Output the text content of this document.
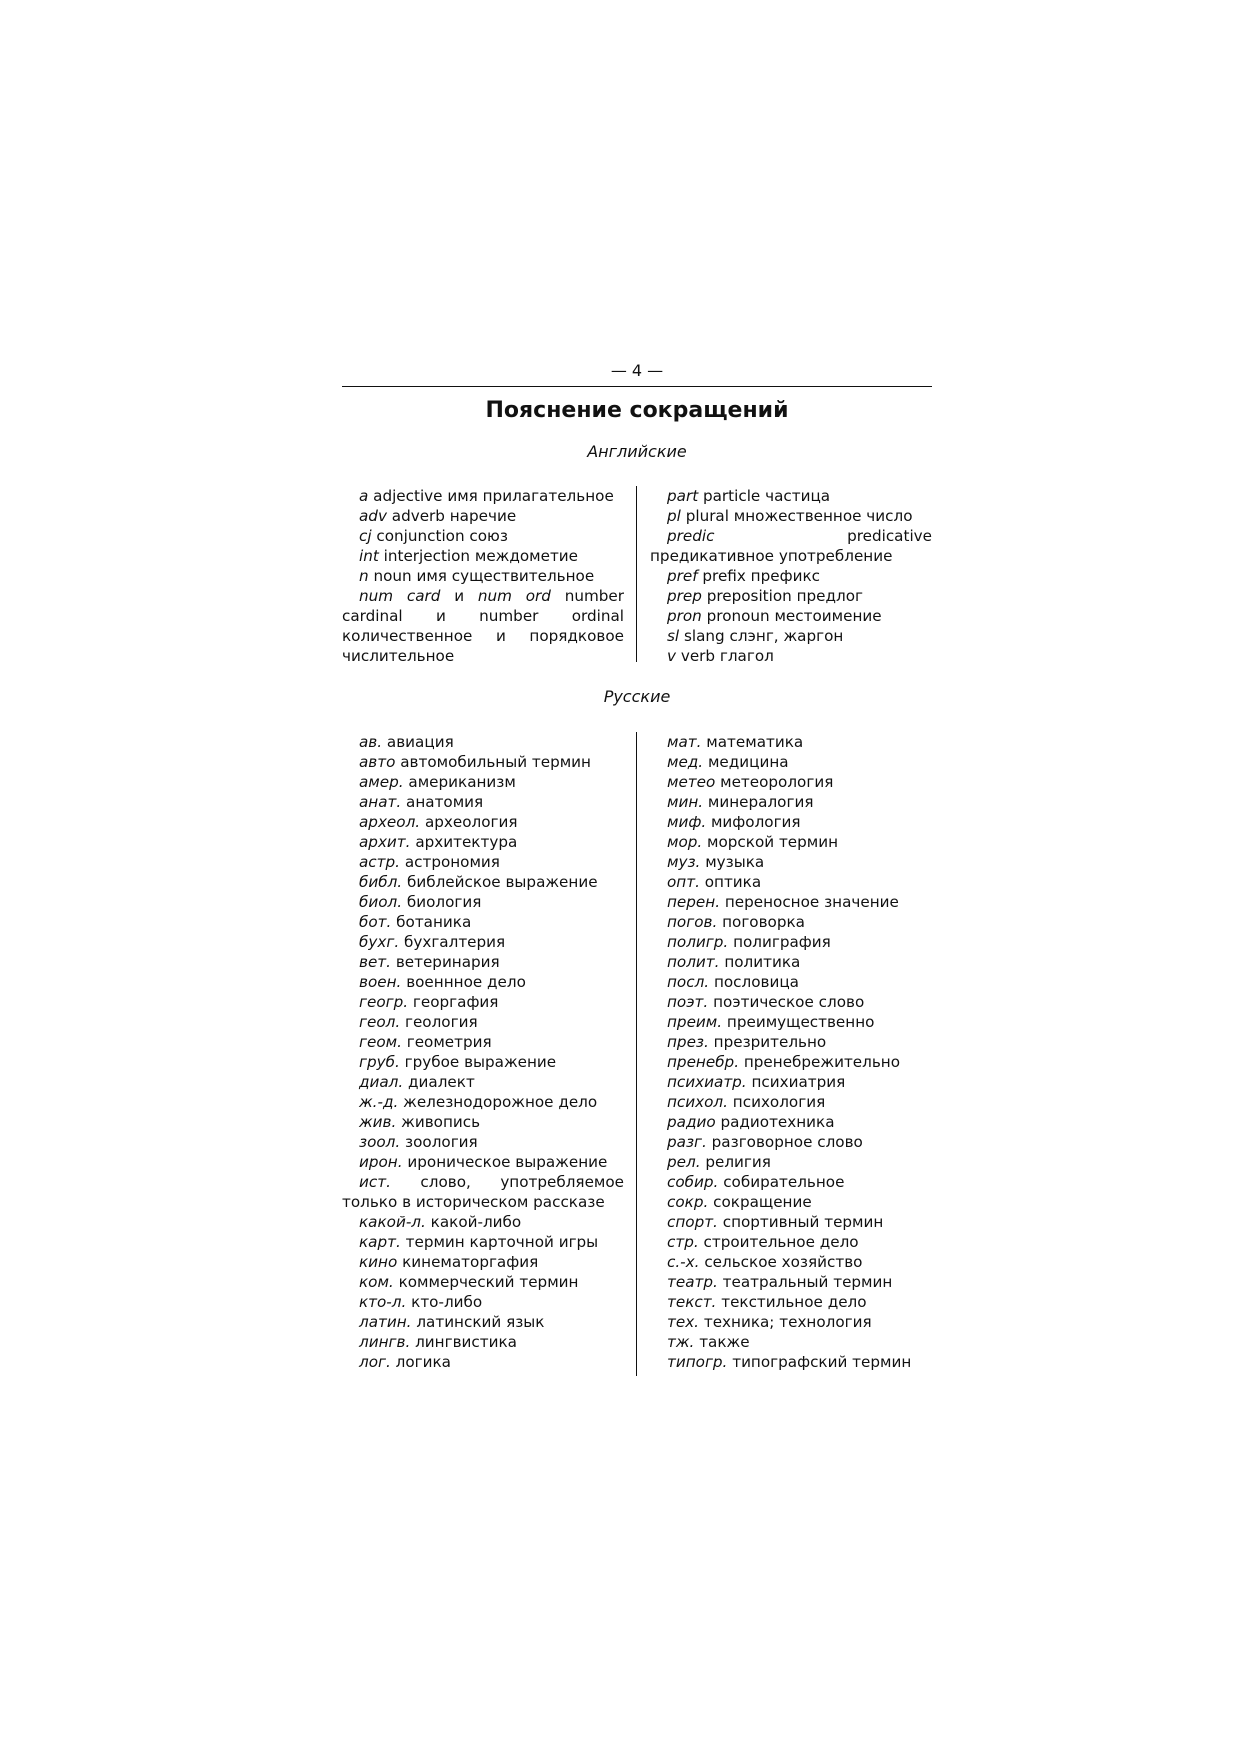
— 4 —
Пояснение сокращений
Английские

a adjective имя прилагательное

adv adverb наречие

cj conjunction союз

int interjection междометие

n noun имя существительное

num card и num ord number cardinal и number ordinal количественное и порядковое числительное

part particle частица

pl plural множественное число

predic	predicative предикативное употребление

pref prefix префикс

prep preposition предлог

pron pronoun местоимение

sl slang слэнг, жаргон

v verb глагол

Русские

ав. авиация

авто автомобильный термин

амер. американизм

анат. анатомия

археол. археология

архит. архитектура

астр. астрономия

библ. библейское выражение

биол. биология

бот. ботаника

бухг. бухгалтерия

вет. ветеринария

воен. военнное дело

геогр. георгафия

геол. геология

геом. геометрия

груб. грубое выражение

диал. диалект

ж.-д. железнодорожное дело

жив. живопись

зоол. зоология

ирон. ироническое выражение

ист. слово, употребляемое только в историческом рассказе

какой-л. какой-либо

карт. термин карточной игры

кино кинематоргафия

ком. коммерческий термин

кто-л. кто-либо

латин. латинский язык

лингв. лингвистика

лог. логика

мат. математика

мед. медицина

метео метеорология

мин. минералогия

миф. мифология

мор. морской термин

муз. музыка

опт. оптика

перен. переносное значение

погов. поговорка

полигр. полиграфия

полит. политика

посл. пословица

поэт. поэтическое слово

преим. преимущественно

през. презрительно

пренебр. пренебрежительно

психиатр. психиатрия

психол. психология

радио радиотехника

разг. разговорное слово

рел. религия

собир. собирательное

сокр. сокращение

спорт. спортивный термин

стр. строительное дело

с.-х. сельское хозяйство

театр. театральный термин

текст. текстильное дело

тех. техника; технология

тж. также

типогр. типографский термин
